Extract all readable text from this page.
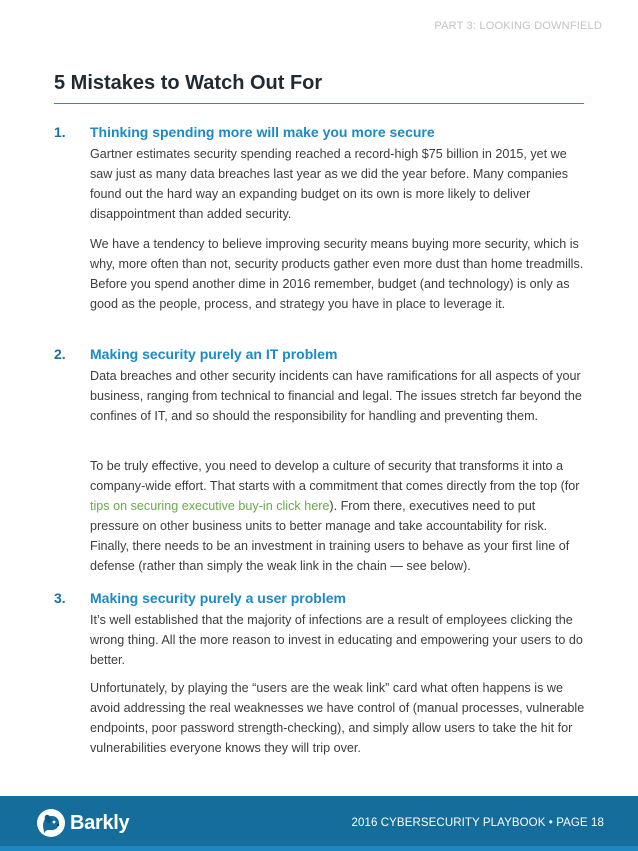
PART 3: LOOKING DOWNFIELD
5 Mistakes to Watch Out For
1. Thinking spending more will make you more secure

Gartner estimates security spending reached a record-high $75 billion in 2015, yet we saw just as many data breaches last year as we did the year before. Many companies found out the hard way an expanding budget on its own is more likely to deliver disappointment than added security.

We have a tendency to believe improving security means buying more security, which is why, more often than not, security products gather even more dust than home treadmills. Before you spend another dime in 2016 remember, budget (and technology) is only as good as the people, process, and strategy you have in place to leverage it.

2. Making security purely an IT problem

Data breaches and other security incidents can have ramifications for all aspects of your business, ranging from technical to financial and legal. The issues stretch far beyond the confines of IT, and so should the responsibility for handling and preventing them.

To be truly effective, you need to develop a culture of security that transforms it into a company-wide effort. That starts with a commitment that comes directly from the top (for tips on securing executive buy-in click here). From there, executives need to put pressure on other business units to better manage and take accountability for risk. Finally, there needs to be an investment in training users to behave as your first line of defense (rather than simply the weak link in the chain — see below).

3. Making security purely a user problem

It’s well established that the majority of infections are a result of employees clicking the wrong thing. All the more reason to invest in educating and empowering your users to do better.

Unfortunately, by playing the “users are the weak link” card what often happens is we avoid addressing the real weaknesses we have control of (manual processes, vulnerable endpoints, poor password strength-checking), and simply allow users to take the hit for vulnerabilities everyone knows they will trip over.

Barkly	2016 CYBERSECURITY PLAYBOOK • PAGE 18
